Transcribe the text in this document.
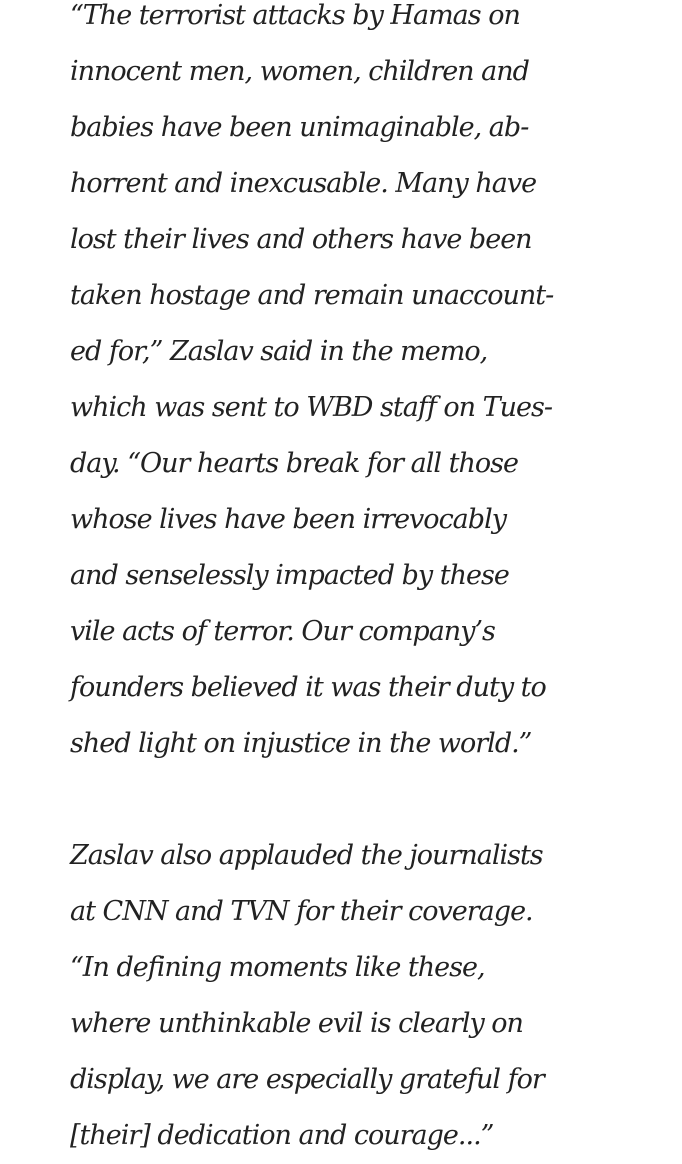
“The terrorist attacks by Hamas on
innocent men, women, children and
babies have been unimaginable, ab-
horrent and inexcusable. Many have
lost their lives and others have been
taken hostage and remain unaccount-
ed for,” Zaslav said in the memo,
which was sent to WBD staff on Tues-
day. “Our hearts break for all those
whose lives have been irrevocably
and senselessly impacted by these
vile acts of terror. Our company’s
founders believed it was their duty to
shed light on injustice in the world.”

Zaslav also applauded the journalists
at CNN and TVN for their coverage.
“In defining moments like these,
where unthinkable evil is clearly on
display, we are especially grateful for
[their] dedication and courage...”
